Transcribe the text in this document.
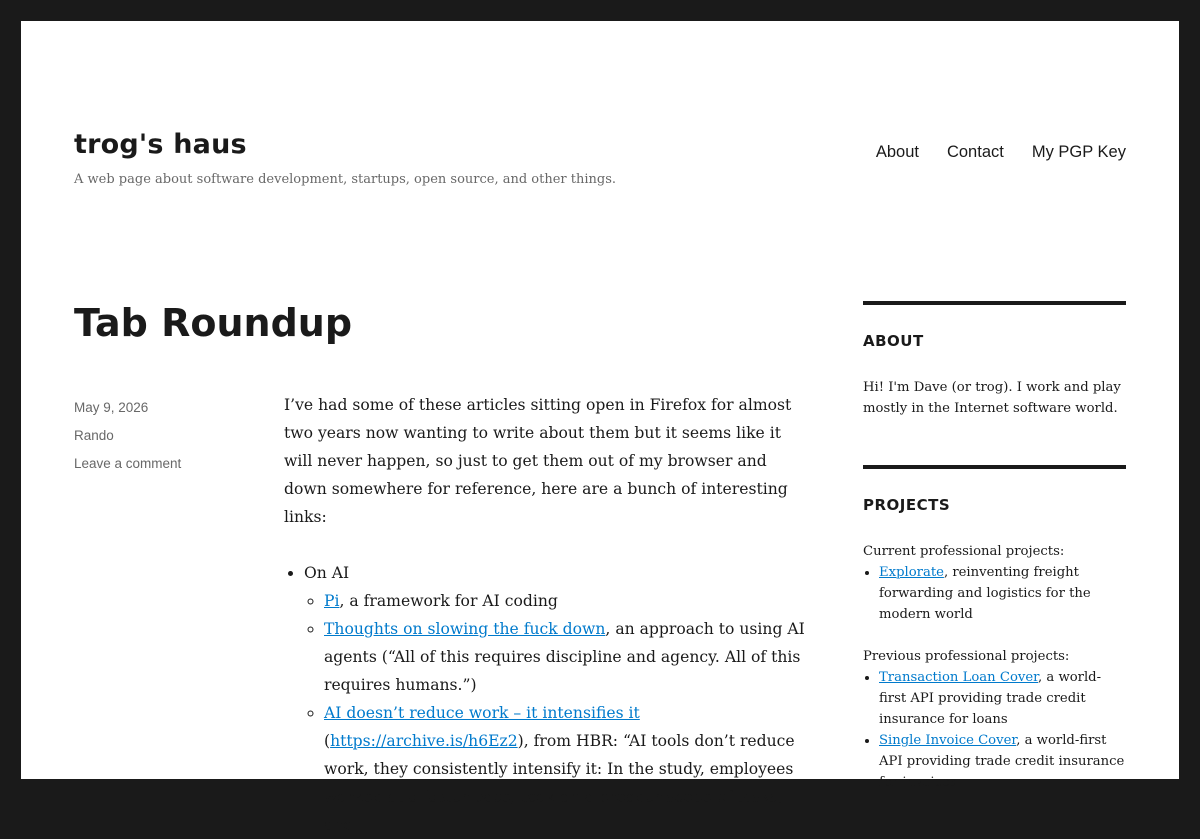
trog's haus

A web page about software development, startups, open source, and other things.

About Contact My PGP Key
Tab Roundup
May 9, 2026
Rando
Leave a comment

I’ve had some of these articles sitting open in Firefox for almost two years now wanting to write about them but it seems like it will never happen, so just to get them out of my browser and down somewhere for reference, here are a bunch of interesting links:

• On AI
◦ Pi, a framework for AI coding
◦ Thoughts on slowing the fuck down, an approach to using AI agents (“All of this requires discipline and agency. All of this requires humans.”)
◦ AI doesn’t reduce work – it intensifies it (https://archive.is/h6Ez2), from HBR: “AI tools don’t reduce work, they consistently intensify it: In the study, employees worked at a faster pace, took on a broader scope of tasks, and
ABOUT

Hi! I'm Dave (or trog). I work and play mostly in the Internet software world.

PROJECTS

Current professional projects:

• Explorate, reinventing freight forwarding and logistics for the modern world

Previous professional projects:

• Transaction Loan Cover, a world-first API providing trade credit insurance for loans
• Single Invoice Cover, a world-first API providing trade credit insurance for invoices
